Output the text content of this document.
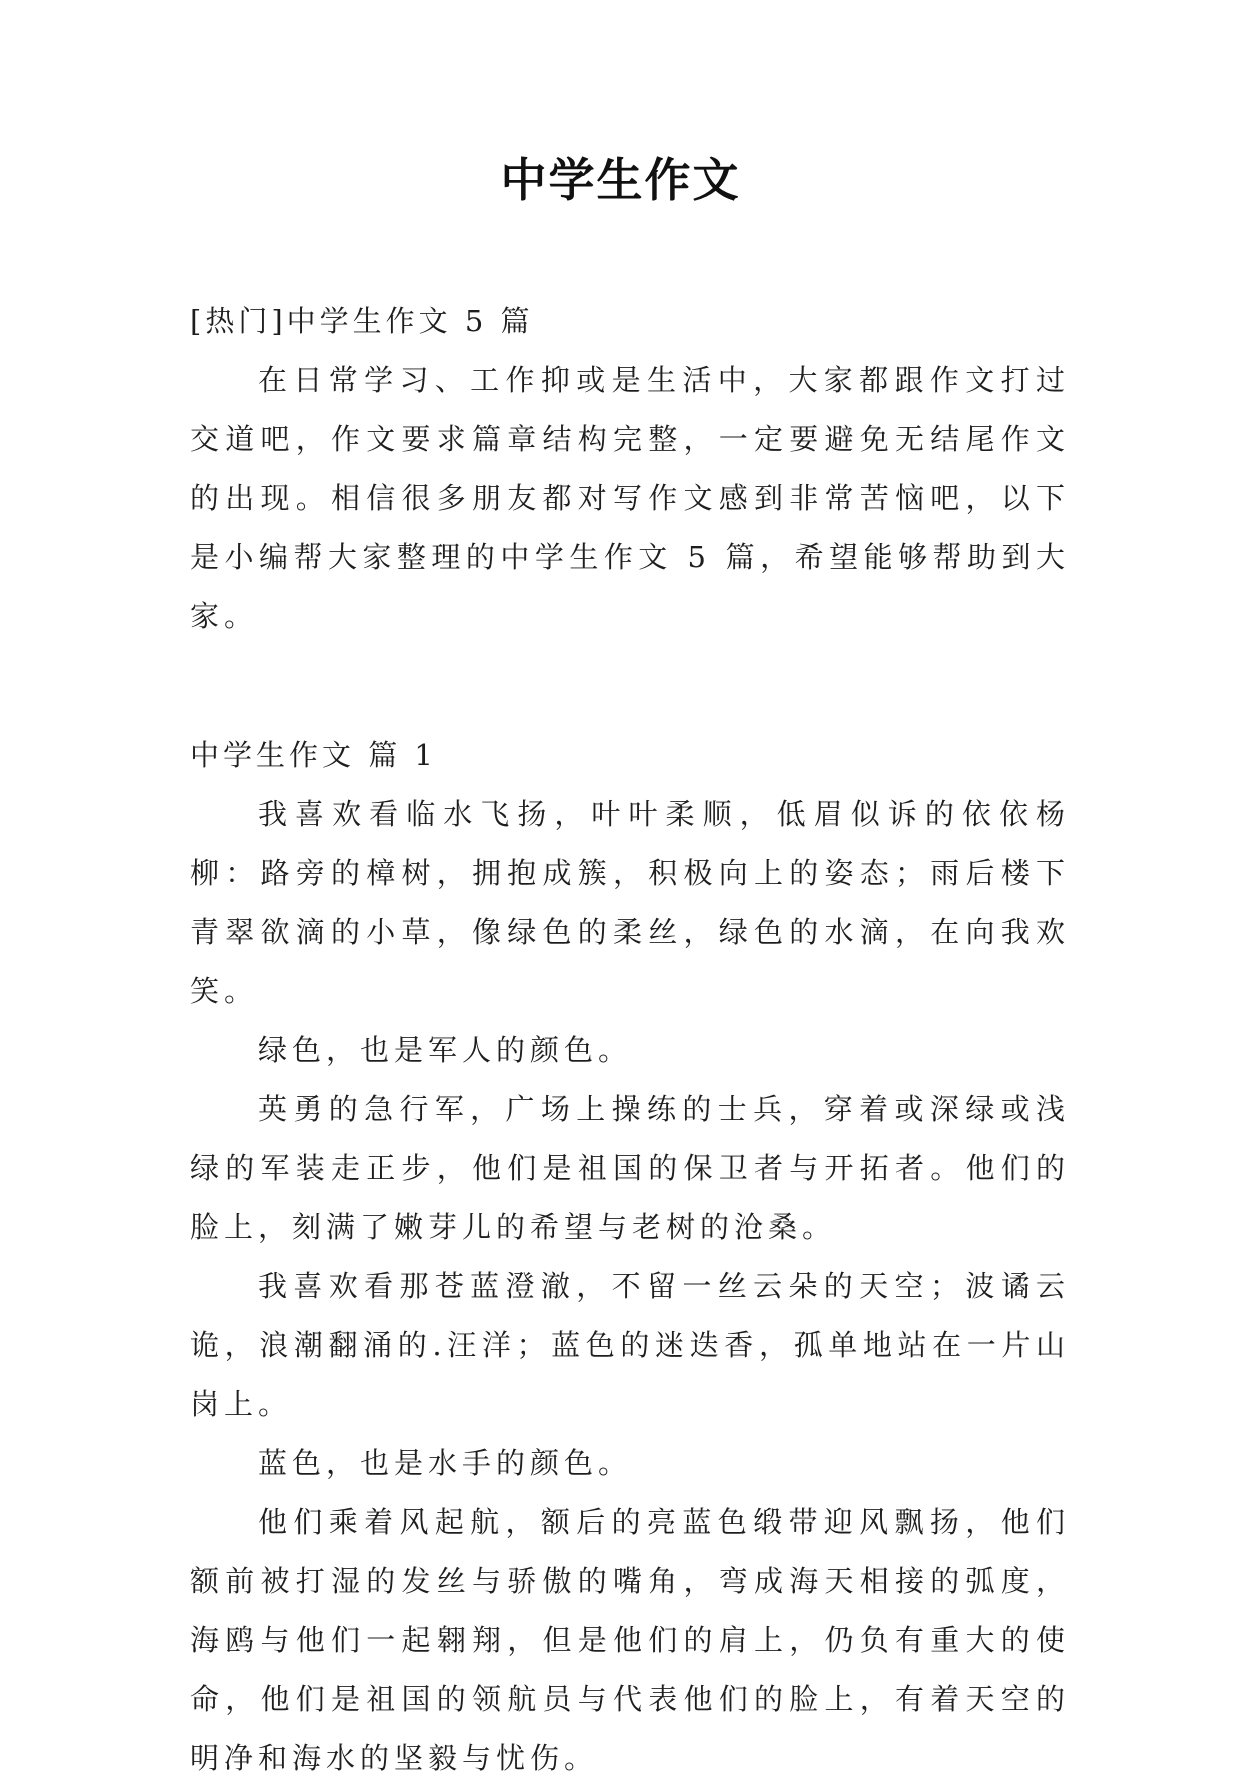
中学生作文

[热门]中学生作文 5 篇

在日常学习、工作抑或是生活中，大家都跟作文打过交道吧，作文要求篇章结构完整，一定要避免无结尾作文的出现。相信很多朋友都对写作文感到非常苦恼吧，以下是小编帮大家整理的中学生作文 5 篇，希望能够帮助到大家。

中学生作文 篇 1

我喜欢看临水飞扬，叶叶柔顺，低眉似诉的依依杨柳：路旁的樟树，拥抱成簇，积极向上的姿态；雨后楼下青翠欲滴的小草，像绿色的柔丝，绿色的水滴，在向我欢笑。

绿色，也是军人的颜色。

英勇的急行军，广场上操练的士兵，穿着或深绿或浅绿的军装走正步，他们是祖国的保卫者与开拓者。他们的脸上，刻满了嫩芽儿的希望与老树的沧桑。

我喜欢看那苍蓝澄澈，不留一丝云朵的天空；波谲云诡，浪潮翻涌的.汪洋；蓝色的迷迭香，孤单地站在一片山岗上。

蓝色，也是水手的颜色。

他们乘着风起航，额后的亮蓝色缎带迎风飘扬，他们额前被打湿的发丝与骄傲的嘴角，弯成海天相接的弧度，海鸥与他们一起翱翔，但是他们的肩上，仍负有重大的使命，他们是祖国的领航员与代表他们的脸上，有着天空的明净和海水的坚毅与忧伤。
